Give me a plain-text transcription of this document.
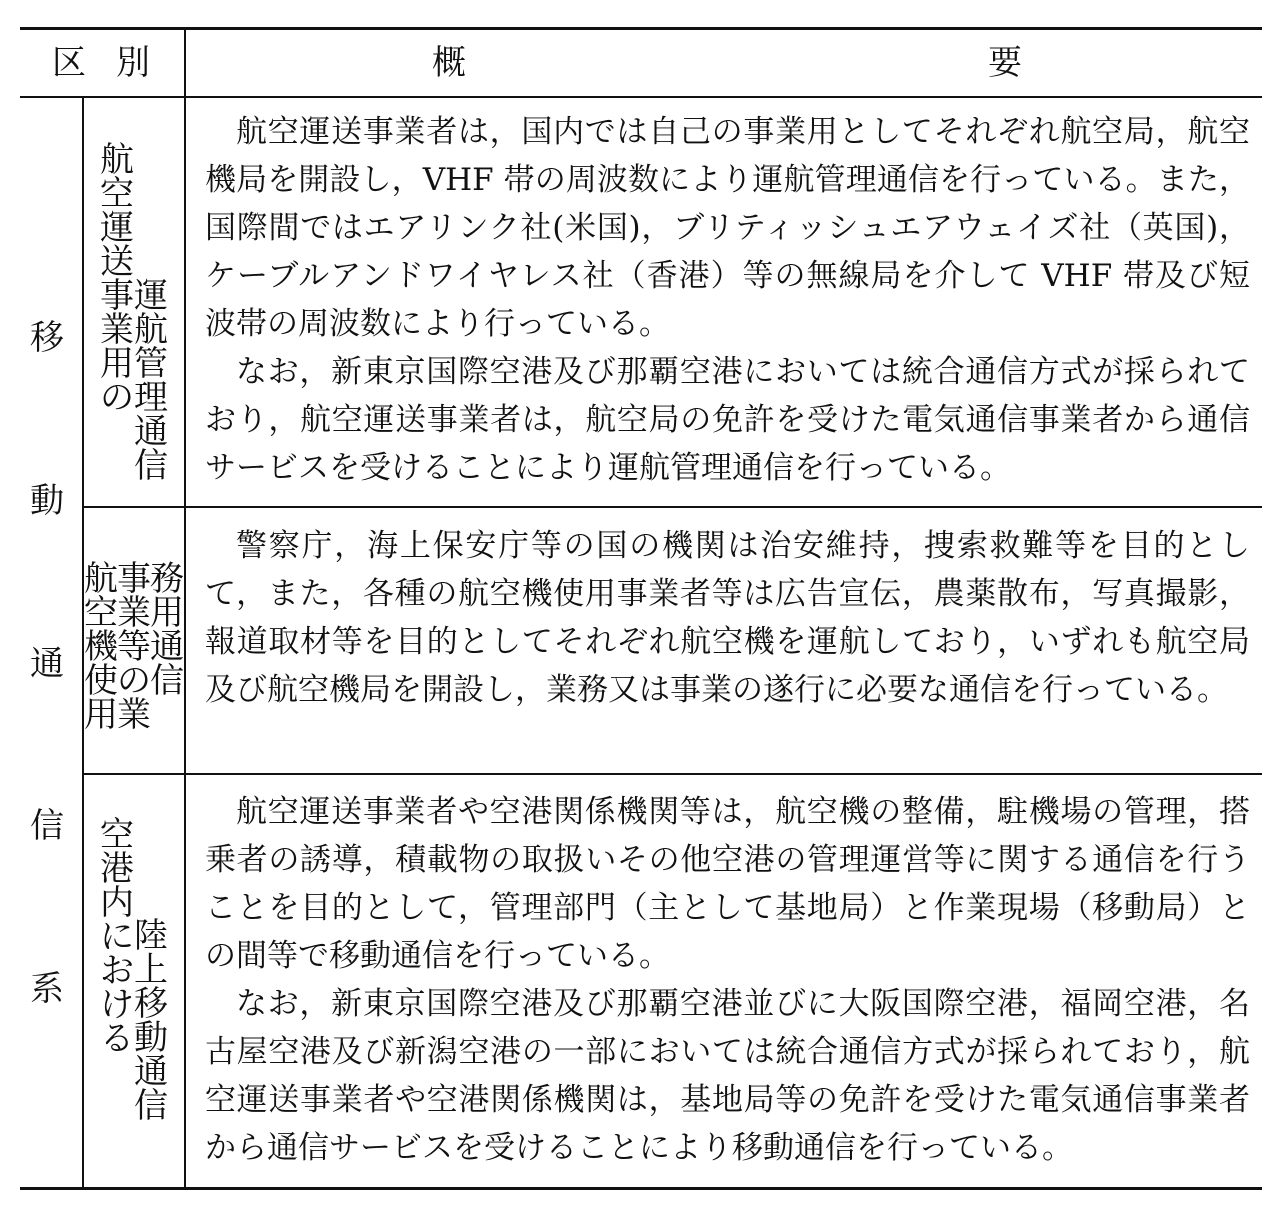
区 別	概	要
移
動
通
信
系
航
空
運
送
事
業
用
の
運
航
管
理
通
信
航
空
機
使
用
事
業
等
の
業
務
用
通
信
空
港
内
に
お
け
る
陸
上
移
動
通
信

航空運送事業者は，国内では自己の事業用としてそれぞれ航空局，航空機局を開設し，VHF 帯の周波数により運航管理通信を行っている。また，国際間ではエアリンク社(米国)，ブリティッシュエアウェイズ社（英国)，ケーブルアンドワイヤレス社（香港）等の無線局を介して VHF 帯及び短波帯の周波数により行っている。

なお，新東京国際空港及び那覇空港においては統合通信方式が採られており，航空運送事業者は，航空局の免許を受けた電気通信事業者から通信サービスを受けることにより運航管理通信を行っている。

警察庁，海上保安庁等の国の機関は治安維持，捜索救難等を目的として，また，各種の航空機使用事業者等は広告宣伝，農薬散布，写真撮影，報道取材等を目的としてそれぞれ航空機を運航しており，いずれも航空局及び航空機局を開設し，業務又は事業の遂行に必要な通信を行っている。

航空運送事業者や空港関係機関等は，航空機の整備，駐機場の管理，搭乗者の誘導，積載物の取扱いその他空港の管理運営等に関する通信を行うことを目的として，管理部門（主として基地局）と作業現場（移動局）との間等で移動通信を行っている。

なお，新東京国際空港及び那覇空港並びに大阪国際空港，福岡空港，名古屋空港及び新潟空港の一部においては統合通信方式が採られており，航空運送事業者や空港関係機関は，基地局等の免許を受けた電気通信事業者から通信サービスを受けることにより移動通信を行っている。
